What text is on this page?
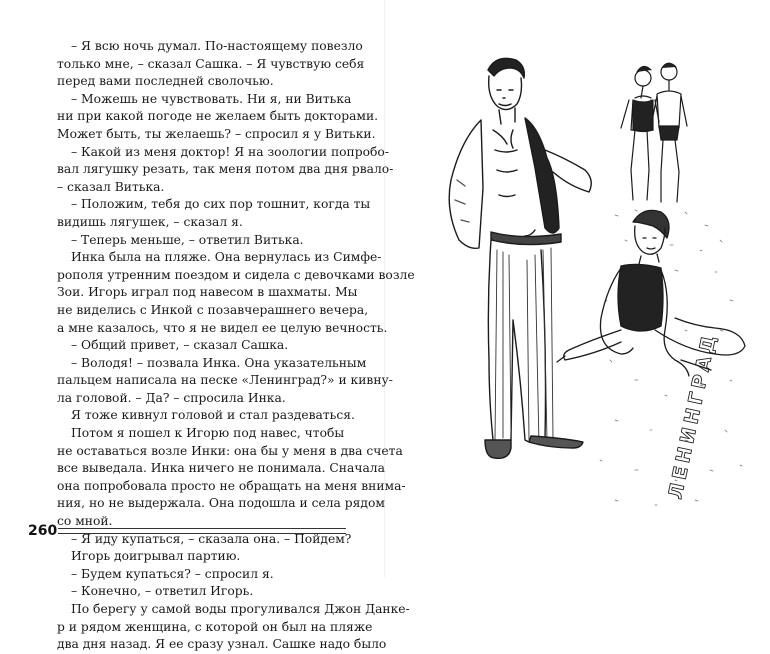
– Я всю ночь думал. По-настоящему повезло
только мне, – сказал Сашка. – Я чувствую себя
перед вами последней сволочью.
– Можешь не чувствовать. Ни я, ни Витька
ни при какой погоде не желаем быть докторами.
Может быть, ты желаешь? – спросил я у Витьки.
– Какой из меня доктор! Я на зоологии попробо-
вал лягушку резать, так меня потом два дня рвало-
– сказал Витька.
– Положим, тебя до сих пор тошнит, когда ты
видишь лягушек, – сказал я.
– Теперь меньше, – ответил Витька.
Инка была на пляже. Она вернулась из Симфе-
рополя утренним поездом и сидела с девочками возле
Зои. Игорь играл под навесом в шахматы. Мы
не виделись с Инкой с позавчерашнего вечера,
а мне казалось, что я не видел ее целую вечность.
– Общий привет, – сказал Сашка.
– Володя! – позвала Инка. Она указательным
пальцем написала на песке «Ленинград?» и кивну-
ла головой. – Да? – спросила Инка.
Я тоже кивнул головой и стал раздеваться.
Потом я пошел к Игорю под навес, чтобы
не оставаться возле Инки: она бы у меня в два счета
все выведала. Инка ничего не понимала. Сначала
она попробовала просто не обращать на меня внима-
ния, но не выдержала. Она подошла и села рядом
со мной.
– Я иду купаться, – сказала она. – Пойдем?
Игорь доигрывал партию.
– Будем купаться? – спросил я.
– Конечно, – ответил Игорь.
По берегу у самой воды прогуливался Джон Данке-
р и рядом женщина, с которой он был на пляже
два дня назад. Я ее сразу узнал. Сашке надо было
260
ЛЕНИНГРАД
